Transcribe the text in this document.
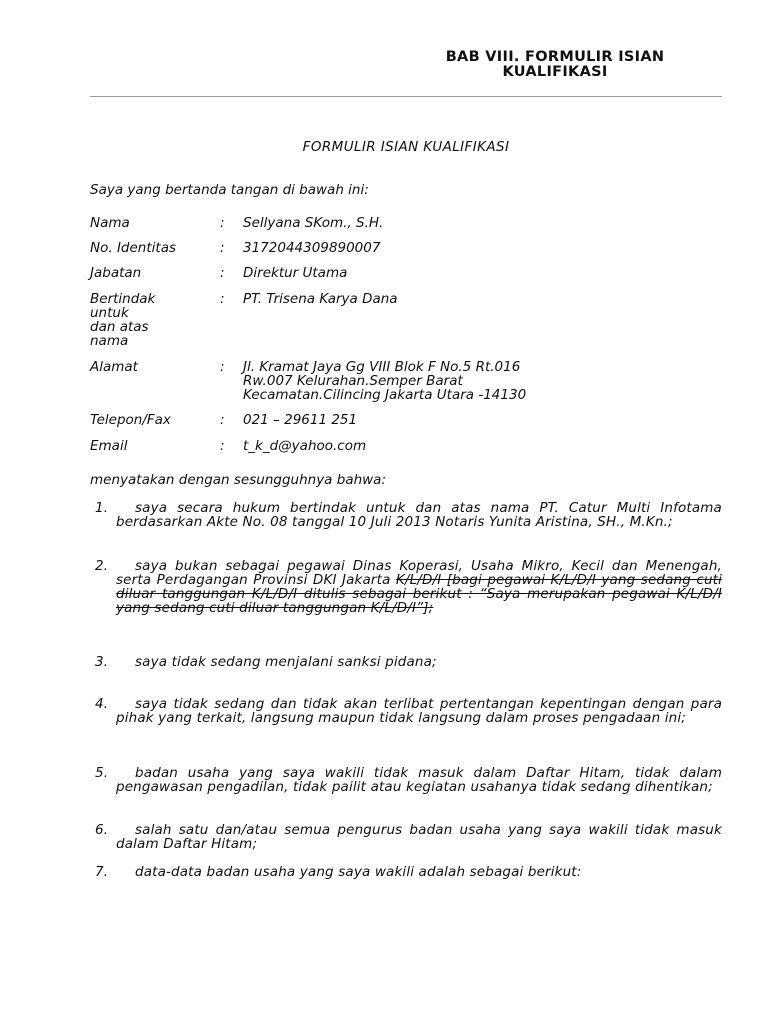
BAB VIII. FORMULIR ISIAN
KUALIFIKASI
FORMULIR ISIAN KUALIFIKASI
Saya yang bertanda tangan di bawah ini:
Nama	: Sellyana SKom., S.H.
No. Identitas	: 3172044309890007
Jabatan	: Direktur Utama
Bertindak
untuk
dan atas
nama
: PT. Trisena Karya Dana
Alamat	: Jl. Kramat Jaya Gg VIII Blok F No.5 Rt.016
Rw.007 Kelurahan.Semper Barat
Kecamatan.Cilincing Jakarta Utara -14130
Telepon/Fax	: 021 – 29611 251
Email	: t_k_d@yahoo.com
menyatakan dengan sesungguhnya bahwa:
1.	saya secara hukum bertindak untuk dan atas nama PT. Catur Multi Infotama berdasarkan Akte No. 08 tanggal 10 Juli 2013 Notaris Yunita Aristina, SH., M.Kn.;
2.	saya bukan sebagai pegawai Dinas Koperasi, Usaha Mikro, Kecil dan Menengah, serta Perdagangan Provinsi DKI Jakarta K/L/D/I [bagi pegawai K/L/D/I yang sedang cuti diluar tanggungan K/L/D/I ditulis sebagai berikut : “Saya merupakan pegawai K/L/D/I yang sedang cuti diluar tanggungan K/L/D/I”];
3.	saya tidak sedang menjalani sanksi pidana;
4.	saya tidak sedang dan tidak akan terlibat pertentangan kepentingan dengan para pihak yang terkait, langsung maupun tidak langsung dalam proses pengadaan ini;
5.	badan usaha yang saya wakili tidak masuk dalam Daftar Hitam, tidak dalam pengawasan pengadilan, tidak pailit atau kegiatan usahanya tidak sedang dihentikan;
6.	salah satu dan/atau semua pengurus badan usaha yang saya wakili tidak masuk dalam Daftar Hitam;
7.	data-data badan usaha yang saya wakili adalah sebagai berikut:
